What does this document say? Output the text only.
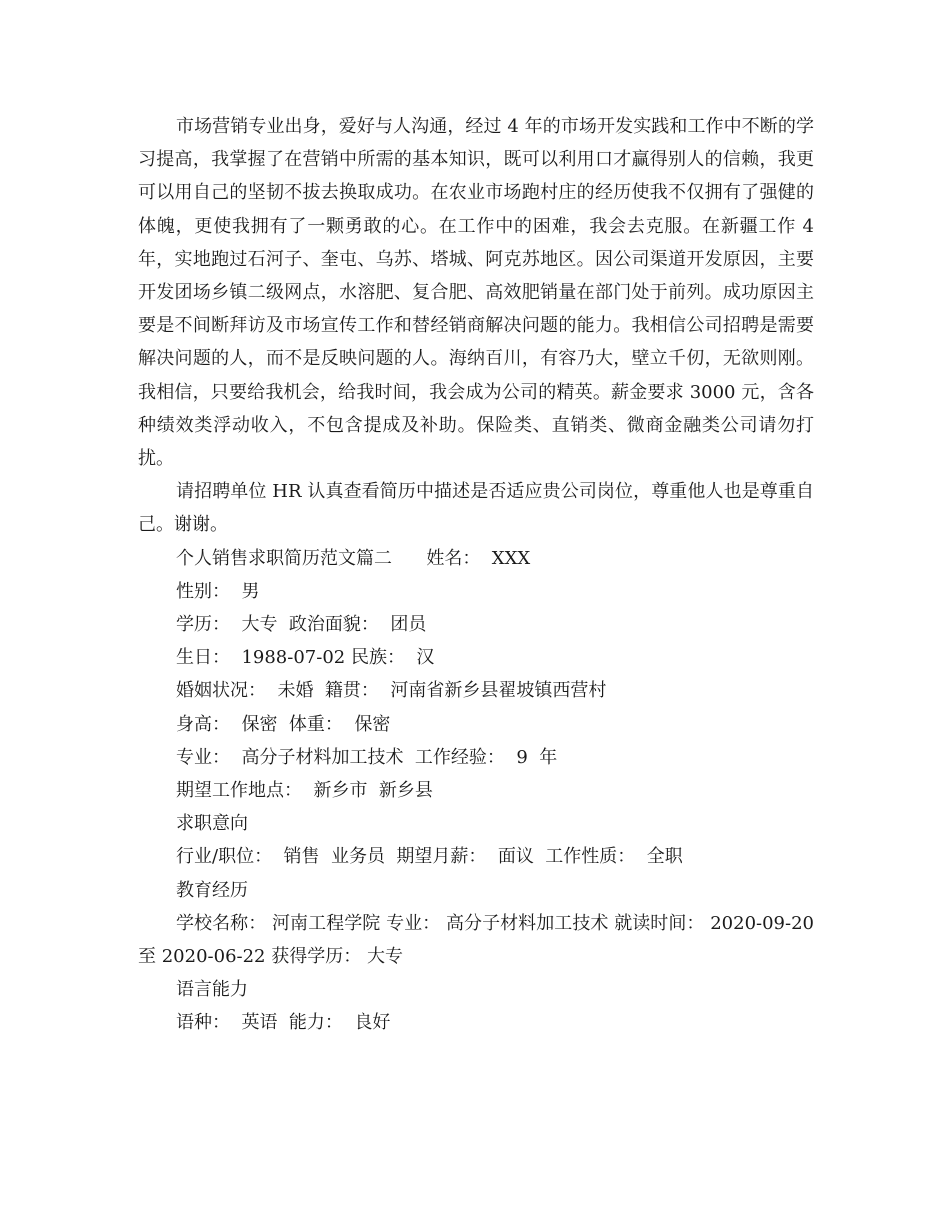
市场营销专业出身，爱好与人沟通，经过 4 年的市场开发实践和工作中不断的学习提高，我掌握了在营销中所需的基本知识，既可以利用口才赢得别人的信赖，我更可以用自己的坚韧不拔去换取成功。在农业市场跑村庄的经历使我不仅拥有了强健的体魄，更使我拥有了一颗勇敢的心。在工作中的困难，我会去克服。在新疆工作 4 年，实地跑过石河子、奎屯、乌苏、塔城、阿克苏地区。因公司渠道开发原因，主要开发团场乡镇二级网点，水溶肥、复合肥、高效肥销量在部门处于前列。成功原因主要是不间断拜访及市场宣传工作和替经销商解决问题的能力。我相信公司招聘是需要解决问题的人，而不是反映问题的人。海纳百川，有容乃大，壁立千仞，无欲则刚。我相信，只要给我机会，给我时间，我会成为公司的精英。薪金要求 3000 元，含各种绩效类浮动收入，不包含提成及补助。保险类、直销类、微商金融类公司请勿打扰。

请招聘单位 HR 认真查看简历中描述是否适应贵公司岗位，尊重他人也是尊重自己。谢谢。

个人销售求职简历范文篇二      姓名：  XXX

性别：  男

学历：  大专  政治面貌：  团员

生日：  1988-07-02 民族：  汉

婚姻状况：  未婚  籍贯：  河南省新乡县翟坡镇西营村

身高：  保密  体重：  保密

专业：  高分子材料加工技术  工作经验：  9  年

期望工作地点：  新乡市  新乡县

求职意向

行业/职位：  销售  业务员  期望月薪：  面议  工作性质：  全职

教育经历

学校名称： 河南工程学院 专业： 高分子材料加工技术 就读时间： 2020-09-20 至 2020-06-22 获得学历： 大专

语言能力

语种：  英语  能力：  良好
